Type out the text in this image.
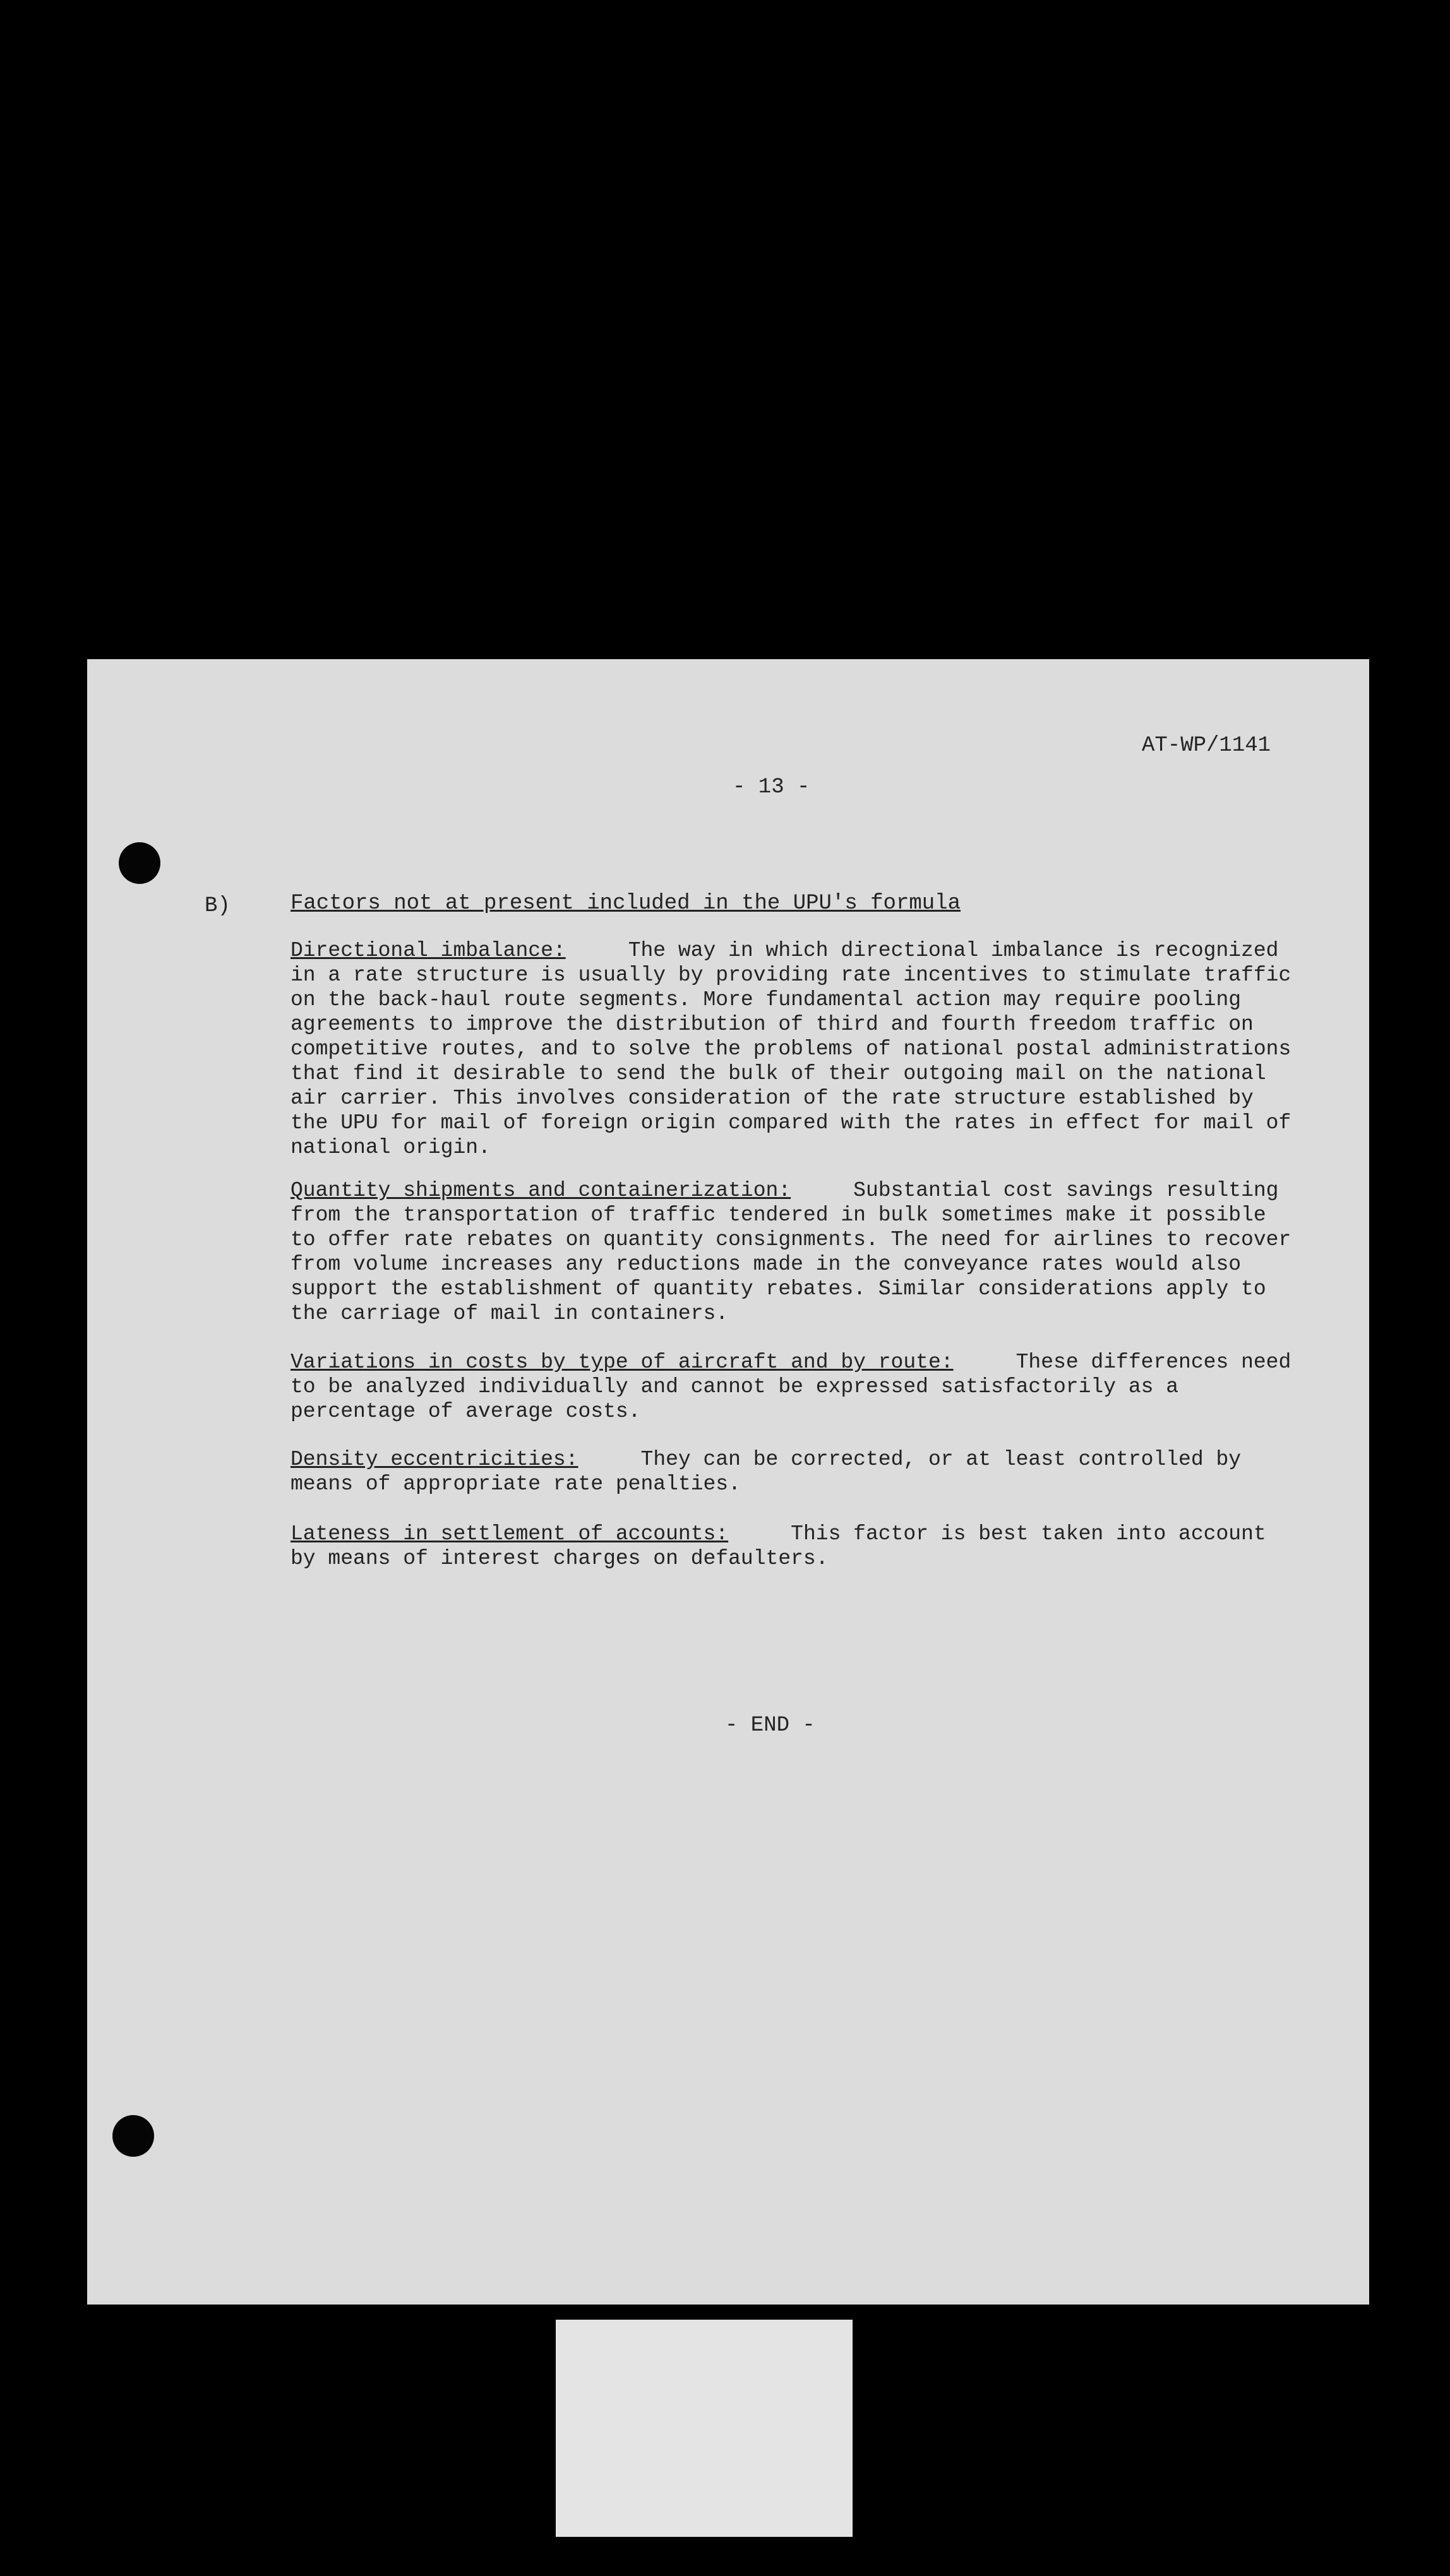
AT-WP/1141
- 13 -
B)	Factors not at present included in the UPU's formula

Directional imbalance:	The way in which directional imbalance is recognized in a rate structure is usually by providing rate incentives to stimulate traffic on the back-haul route segments. More fundamental action may require pooling agreements to improve the distribution of third and fourth freedom traffic on competitive routes, and to solve the problems of national postal administrations that find it desirable to send the bulk of their outgoing mail on the national air carrier. This involves consideration of the rate structure established by the UPU for mail of foreign origin compared with the rates in effect for mail of national origin.

Quantity shipments and containerization:	Substantial cost savings resulting from the transportation of traffic tendered in bulk sometimes make it possible to offer rate rebates on quantity consignments. The need for airlines to recover from volume increases any reductions made in the conveyance rates would also support the establishment of quantity rebates. Similar considerations apply to the carriage of mail in containers.

Variations in costs by type of aircraft and by route:	These differences need to be analyzed individually and cannot be expressed satisfactorily as a percentage of average costs.

Density eccentricities:	They can be corrected, or at least controlled by means of appropriate rate penalties.

Lateness in settlement of accounts:	This factor is best taken into account by means of interest charges on defaulters.

- END -
